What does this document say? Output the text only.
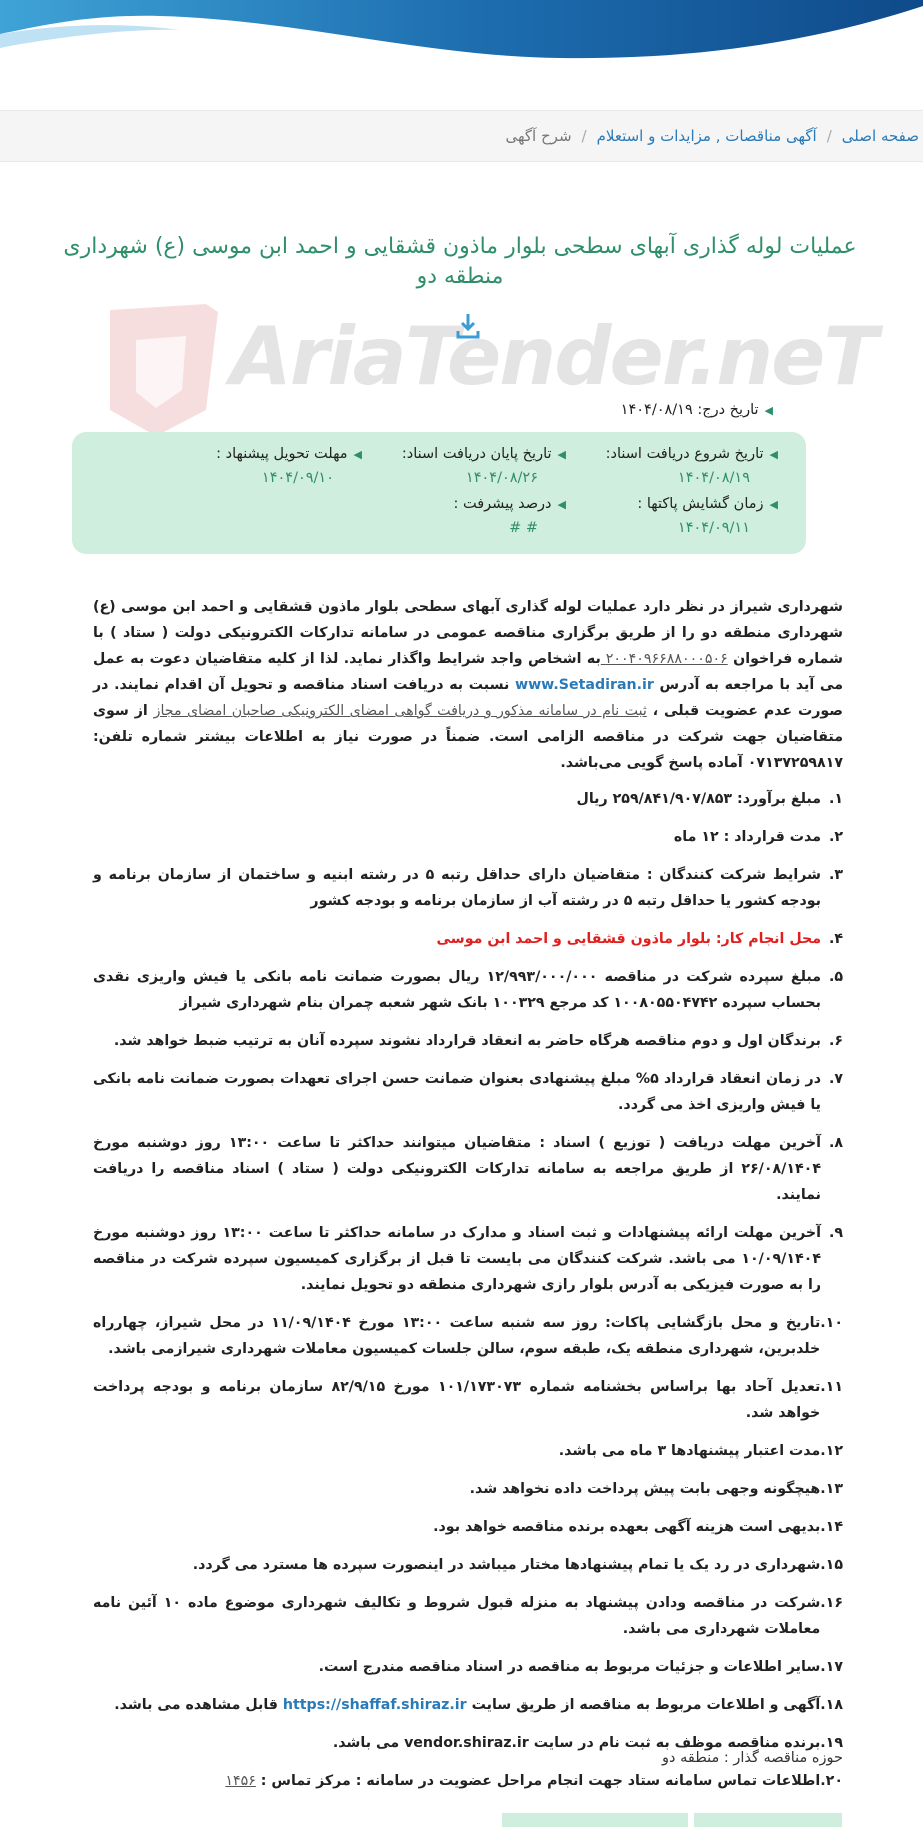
صفحه اصلی
/
آگهی مناقصات , مزایدات و استعلام
/
شرح آگهی
عملیات لوله گذاری آبهای سطحی بلوار ماذون قشقایی و احمد ابن موسی (ع) شهرداری منطقه دو
AriaTender.neT
◀تاریخ درج: ۱۴۰۴/۰۸/۱۹
◀تاریخ شروع دریافت اسناد:
۱۴۰۴/۰۸/۱۹
◀تاریخ پایان دریافت اسناد:
۱۴۰۴/۰۸/۲۶
◀مهلت تحویل پیشنهاد :
۱۴۰۴/۰۹/۱۰
◀زمان گشایش پاکتها :
۱۴۰۴/۰۹/۱۱
◀درصد پیشرفت :
# #

شهرداری شیراز در نظر دارد عملیات لوله گذاری آبهای سطحی بلوار ماذون قشقایی و احمد ابن موسی (ع) شهرداری منطقه دو را از طریق برگزاری مناقصه عمومی در سامانه تدارکات الکترونیکی دولت ( ستاد ) با شماره فراخوان ۲۰۰۴۰۹۶۶۸۸۰۰۰۵۰۶ به اشخاص واجد شرایط واگذار نماید. لذا از کلیه متقاضیان دعوت به عمل می آید با مراجعه به آدرس www.Setadiran.ir نسبت به دریافت اسناد مناقصه و تحویل آن اقدام نمایند. در صورت عدم عضویت قبلی ، ثبت نام در سامانه مذکور و دریافت گواهی امضای الکترونیکی صاحبان امضای مجاز از سوی متقاضیان جهت شرکت در مناقصه الزامی است. ضمناً در صورت نیاز به اطلاعات بیشتر شماره تلفن: ۰۷۱۳۷۲۵۹۸۱۷ آماده پاسخ گویی می‌باشد.

۱.
مبلغ برآورد: ۲۵۹/۸۴۱/۹۰۷/۸۵۳ ریال
۲.
مدت قرارداد : ۱۲ ماه
۳.
شرایط شرکت کنندگان : متقاضیان دارای حداقل رتبه ۵ در رشته ابنیه و ساختمان از سازمان برنامه و بودجه کشور یا حداقل رتبه ۵ در رشته آب از سازمان برنامه و بودجه کشور
۴.
محل انجام کار: بلوار ماذون قشقایی و احمد ابن موسی
۵.
مبلغ سپرده شرکت در مناقصه ۱۲/۹۹۳/۰۰۰/۰۰۰ ریال بصورت ضمانت نامه بانکی یا فیش واریزی نقدی بحساب سپرده ۱۰۰۸۰۵۵۰۴۷۴۲ کد مرجع ۱۰۰۳۲۹ بانک شهر شعبه چمران بنام شهرداری شیراز
۶.
برندگان اول و دوم مناقصه هرگاه حاضر به انعقاد قرارداد نشوند سپرده آنان به ترتیب ضبط خواهد شد.
۷.
در زمان انعقاد قرارداد ۵% مبلغ پیشنهادی بعنوان ضمانت حسن اجرای تعهدات بصورت ضمانت نامه بانکی یا فیش واریزی اخذ می گردد.
۸.
آخرین مهلت دریافت ( توزیع ) اسناد : متقاضیان میتوانند حداکثر تا ساعت ۱۳:۰۰ روز دوشنبه مورخ ۲۶/۰۸/۱۴۰۴ از طریق مراجعه به سامانه تدارکات الکترونیکی دولت ( ستاد ) اسناد مناقصه را دریافت نمایند.
۹.
آخرین مهلت ارائه پیشنهادات و ثبت اسناد و مدارک در سامانه حداکثر تا ساعت ۱۳:۰۰ روز دوشنبه مورخ ۱۰/۰۹/۱۴۰۴ می باشد. شرکت کنندگان می بایست تا قبل از برگزاری کمیسیون سپرده شرکت در مناقصه را به صورت فیزیکی به آدرس بلوار رازی شهرداری منطقه دو تحویل نمایند.
۱۰.
تاریخ و محل بازگشایی پاکات: روز سه شنبه ساعت ۱۳:۰۰ مورخ ۱۱/۰۹/۱۴۰۴ در محل شیراز، چهارراه خلدبرین، شهرداری منطقه یک، طبقه سوم، سالن جلسات کمیسیون معاملات شهرداری شیرازمی باشد.
۱۱.
تعدیل آحاد بها براساس بخشنامه شماره ۱۰۱/۱۷۳۰۷۳ مورخ ۸۲/۹/۱۵ سازمان برنامه و بودجه پرداخت خواهد شد.
۱۲.
مدت اعتبار پیشنهادها ۳ ماه می باشد.
۱۳.
هیچگونه وجهی بابت پیش پرداخت داده نخواهد شد.
۱۴.
بدیهی است هزینه آگهی بعهده برنده مناقصه خواهد بود.
۱۵.
شهرداری در رد یک یا تمام پیشنهادها مختار میباشد در اینصورت سپرده ها مسترد می گردد.
۱۶.
شرکت در مناقصه ودادن پیشنهاد به منزله قبول شروط و تکالیف شهرداری موضوع ماده ۱۰ آئین نامه معاملات شهرداری می باشد.
۱۷.
سایر اطلاعات و جزئیات مربوط به مناقصه در اسناد مناقصه مندرج است.
۱۸.
آگهی و اطلاعات مربوط به مناقصه از طریق سایت https://shaffaf.shiraz.ir قابل مشاهده می باشد.
۱۹.
برنده مناقصه موظف به ثبت نام در سایت vendor.shiraz.ir می باشد.
۲۰.
اطلاعات تماس سامانه ستاد جهت انجام مراحل عضویت در سامانه : مرکز تماس : ۱۴۵۶
حوزه مناقصه گذار : منطقه دو
